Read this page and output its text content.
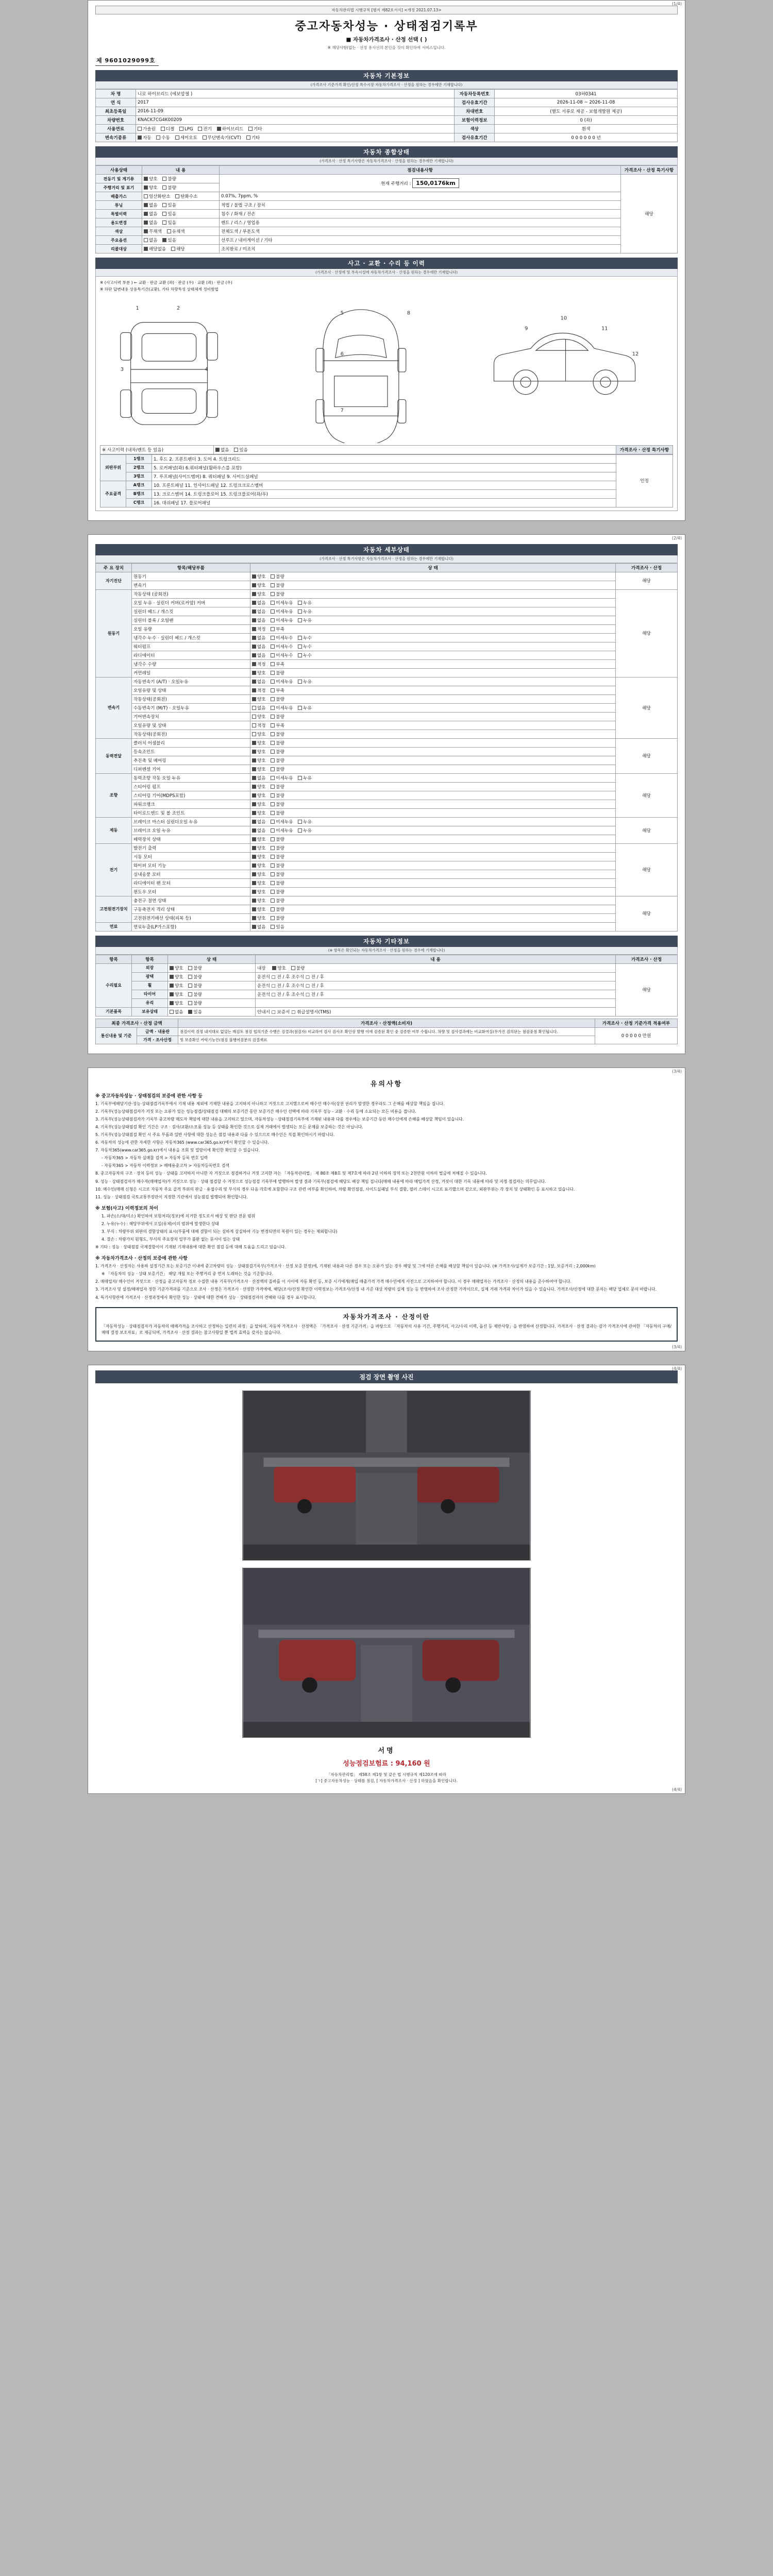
(1/4)
자동차관리법 시행규칙 [별지 제82호서식] <개정 2021.07.13>
중고자동차성능 · 상태점검기록부
■ 자동차가격조사 · 산정 선택 ( )
※ 해당사항(없는 · 선정 용사선의 본인을 것이 확인하여 서비스입니다.
제 9601029099호
자동차 기본정보
(가격조사 기준가격 확인/산정 특수시장 자동차가격조사 · 산정을 원하는 경우에만 기재합니다)
차 명	니로 하이브리드 (에보압셀 )	자동차등록번호	03허0341
연 식	2017	검사유효기간	2026-11-08 ~ 2026-11-08
최초등록일	2016-11-09	차대번호	(별도 서류로 제공 - 보험개발원 제공)
차량번호	KNACK7CG4K00209	보험이력정보	0 (좌)
사용연료	가솔린 디젤 LPG 전기 하이브리드 기타	색상	흰색
변속기종류	자동 수동 세미오토 무단변속기(CVT) 기타	검사유효기간	0 0 0 0 0 0 년
자동차 종합상태
(가격조사 · 산정 특기사항은 자동차가격조사 · 산정을 원하는 경우에만 기재합니다)
사용상태	내 용	점검내용사항	가격조사 · 산정 특기사항
전동기 및 계기류	양호 불량	현재 주행거리 : 150,0176km	해당
주행거리 및 표기	양호 불량		
배출가스	일산화탄소 탄화수소	0.07%, 7ppm, %	
튜닝	없음 있음	적법 / 불법 구조 / 장치	
특별이력	없음 있음	침수 / 화재 / 전손	
용도변경	없음 있음	렌트 / 리스 / 영업용	
색상	무채색 유채색	전체도색 / 부분도색	
주요옵션	없음 있음	선루프 / 내비게이션 / 기타	
리콜대상	해당없음 해당	조치완료 / 미조치	
사고 · 교환 · 수리 등 이력
(가격조사 · 산정에 및 부속시설에 자동차가격조사 · 산정을 원하는 경우에만 기재합니다)
※ (사고이력 부분 ) ← 교환 · 판금 교환 (좌) · 판금 (우) · 교환 (좌) · 판금 (우)
※ 하단 답변내용 상용특기간(교환), 기타 차량특성 상태체계 정비방법
1	2
3	4
5
6
7
8
9
10
11
12
※ 사고이력 (내차/렌트 등 있음)	없음 있음	가격조사 · 산정 특기사항
외판부위	1랭크	1. 후드 2. 프론트펜더 3. 도어 4. 트렁크리드	인정
	2랭크	5. 로커패널(좌) 6.쿼터패널(휠하우스를 포함)	
	3랭크	7. 루프패널(사이드멤버) 8. 쿼터패널 9. 사이드실패널	
주요골격	A랭크	10. 프론트패널 11. 인사이드패널 12. 트렁크크로스멤버	
	B랭크	13. 크로스멤버 14. 트렁크플로어 15. 트렁크플로어(좌/우)	
	C랭크	16. 대쉬패널 17. 플로어패널	
(2/4)
자동차 세부상태
(가격조사 · 산정 특기사항은 자동차가격조사 · 산정을 원하는 경우에만 기재합니다)
주 요 장치	항목/해당부품	상 태	가격조사 · 산정
자기진단	원동기	양호 불량	해당
	변속기	양호 불량	
원동기	작동상태 (공회전)	양호 불량	해당
	오일 누유 · 실린더 커버(로커암) 커버	없음 미세누유 누유	
	실린더 헤드 / 개스킷	없음 미세누유 누유	
	실린더 블록 / 오일팬	없음 미세누유 누유	
	오일 유량	적정 부족	
	냉각수 누수 · 실린더 헤드 / 개스킷	없음 미세누수 누수	
	워터펌프	없음 미세누수 누수	
	라디에이터	없음 미세누수 누수	
	냉각수 수량	적정 부족	
	커먼레일	양호 불량	
변속기	자동변속기 (A/T) · 오일누유	없음 미세누유 누유	해당
	오일유량 및 상태	적정 부족	
	작동상태(공회전)	양호 불량	
	수동변속기 (M/T) · 오일누유	없음 미세누유 누유	
	기어변속장치	양호 불량	
	오일유량 및 상태	적정 부족	
	작동상태(공회전)	양호 불량	
동력전달	클러치 어셈블리	양호 불량	해당
	등속조인트	양호 불량	
	추진축 및 베어링	양호 불량	
	디퍼렌셜 기어	양호 불량	
조향	동력조향 작동 오일 누유	없음 미세누유 누유	해당
	스티어링 펌프	양호 불량	
	스티어링 기어(MDPS포함)	양호 불량	
	파워크랭크	양호 불량	
	타이로드엔드 및 볼 조인트	양호 불량	
제동	브레이크 마스터 실린더오일 누유	없음 미세누유 누유	해당
	브레이크 오일 누유	없음 미세누유 누유	
	배력장치 상태	양호 불량	
전기	발전기 출력	양호 불량	해당
	시동 모터	양호 불량	
	와이퍼 모터 기능	양호 불량	
	실내송풍 모터	양호 불량	
	라디에이터 팬 모터	양호 불량	
	윈도우 모터	양호 불량	
고전원전기장치	충전구 절연 상태	양호 불량	해당
	구동축전지 격리 상태	양호 불량	
	고전원전기배선 상태(피복 등)	양호 불량	
연료	연료누출(LP가스포함)	없음 있음	
자동차 기타정보
(※ 항목은 확인되는 자동차가격조사 · 산정을 원하는 경우에 기재합니다)
항목	항목	상 태	내 용	가격조사 · 산정
수리필요	외장	양호 불량	내장 양호 불량	해당
	광택	양호 불량	운전석 □ 전 / 후 조수석 □ 전 / 후	
	휠	양호 불량	운전석 □ 전 / 후 조수석 □ 전 / 후	
	타이어	양호 불량	운전석 □ 전 / 후 조수석 □ 전 / 후	
	유리	양호 불량		
기본품목	보유상태	없음 있음	안내서 □ 보증서 □ 취급설명서(TMS)	
최종 가격조사 · 산정 금액		가격조사 · 산정액(소비자)	가격조사 · 산정 기준가격 적용여부
통신내용 및 기준	금액 · 내용란	점검이력 검정 내지대로 없었는 매검토 점검 협의기준 수행은 검결과(점검자) 비교하여 검사 검사조 확인상 발행 이에 검증된 확인 중 검증한 여부 수립니다. 차량 및 검사결과에는 비교화여실(무가진 검의된는 점검중점 확인됩니다.	0 0 0 0 0 만원
	가격 · 조사산정	및 보증확인 카락기능인(점검 불행여검분의 검결재료	
(3/4)
유의사항
※ 중고자동차성능 · 상태점검의 보증에 관한 사항 등

1. 기록부에해당기관·성능·상태점검기록부에서 기재 내용 제외에 기재한 내용을 고지하지 아니하고 거짓으로 고지했으로써 매수인 매수자(상권 권리가 발생한 경우라도 그 손해를 배상할 책임을 집니다.

2. 기록부(성능상태점검자가 거짓 또는 오류가 있는 성능점검/상태점검 대해의 보증기간 동안 보증기간 매수인 선택에 따라 기록부 성능 - 교환 · 수리 등에 소요되는 모든 비용을 집니다.

3. 기록부(성능상태점검자가 기록부 중고차량 매도자 책임에 대한 내용을 고지하고 있으며, 자동차성능 · 상태점검기록부에 기재된 내용과 다를 경우에는 보증기간 동안 매수인에게 손해를 배상할 책임이 있습니다.

4. 기록부(성능상태점검 확인 기간은 구조 · 검사/교환/소모품 성능 등 상태를 확인한 것으로 실제 거래에서 발생되는 모든 문제를 보증하는 것은 아닙니다.

5. 기록부(성능상태점검 확인 시 주요 부품과 일반 사항에 대한 성능은 점검 내용과 다를 수 있으므로 매수인은 직접 확인하시기 바랍니다.

6. 자동차의 성능에 관한 자세한 사항은 자동차365 (www.car365.go.kr)에서 확인할 수 있습니다.

7. 자동차365(www.car365.go.kr)에서 내용을 조회 및 열람이에 확인한 확인할 수 있습니다.

- 자동차365 > 자동차 실매물 검색 > 자동차 등록 번호 입력

- 자동차365 > 자동차 이력정보 > 매매용중고차 > 자동차등록번호 검색

8. 중고자동차의 구조 · 장치 등의 성능 · 상태를 고지하지 아니한 자 거짓으로 점검하거나 거짓 고지한 자는 「자동차관리법」 제 80조 제8호 및 제7호에 따라 2년 이하의 징역 또는 2천만원 이하의 벌금에 처해질 수 있습니다.

9. 성능 · 상태점검자가 매수자(매매업자)가 거짓으로 성능 · 상태 점검할 수 거짓으로 성능점검 기록부에 발행하여 발생 결과 기록부(점검에 해당도 배상 책임 집니다(매매 내용에 따라 매입가격 산정, 거짓이 대한 기록 내용에 따라 및 지정 점검자는 의무입니다.

10. 매수인(매매 신청은 시고로 자동차 주요 골격 부위의 판금 · 용접수리 및 부식의 경우 다음 각호에 포함한다 구조 관련 여부를 확인하여, 차량 확인점검, 사이드실패널 부식 결함, 필러 스테이 시고로 표기했으며 겉으로, 외판부위는 각 장치 및 상태확인 등 표시하고 있습니다.

11. 성능 · 상태점검 국토교통부장관이 지정한 기관에서 성능점검 발행되어 확인합니다.

※ 보험(사고) 이력정보의 차이

1. 파손(소/대/미소) 확인하여 보험처리(정보)에 의거한 정도로서 배상 및 판단 전문 범위

2. 누유(누수) : 해당부위에서 오일(유체)이의 범위에 발생한다 상태

3. 부식 : 차량부위 외판의 결함상태의 표시(부품에 대해 결함이 되는 심하게 상실하여 기능 변경되면의 복원이 있는 경우는 제외합니다)

4. 결손 : 차량가치 원형도, 부식의 주요장치 일부가 불완 없는 문서이 있는 상태

※ 기타 : 성능 · 상태점검 국제결함이이 기재된 기재내용에 대한 확인 점검 등에 대해 도움을 드리고 있습니다.

※ 자동차가격조사 · 산정의 보증에 관한 사항

1. 가격조사 · 산정자는 사용하 설정기간 또는 보증기간 이내에 중고차량의 성능 · 상태점검기록부(가격조사 · 산정 보증 한정)에, 기재된 내용과 다른 경우 또는 오류가 있는 경우 해당 및 그에 따른 손해를 배상할 책임이 있습니다. (※ 가격조사/실제가 보증기간 : 1달, 보증거리 : 2,000km)

※ 「자동차의 성능 · 상태 보증기간」 해당 개월 또는 주행거리 중 먼저 도래하는 것을 기준합니다.

2. 매매업자/ 매수인이 거짓으로 · 산정을 중고자동차 정보 수집한 내용 기록부(가격조사 · 산정액의 올바를 이 사이에 자동 확인 등, 보증 시기에게(매입 매출가격 가격 매수인에게 사전으로 고지하여야 합니다. 이 경우 매매업자는 가격조사 · 산정의 내용을 준수하여야 합니다.

3. 가격조사 및 설정/매매업자 정한 기준가격과를 기준으로 조사 · 산정은 가격조사 · 산정한 가격에에, 해당(조사/산정 확인한 이력정보는 가격조사/산정 내 기준 대상 차량의 실제 성능 등 반영하여 조사 산정한 가격이므로, 실제 거래 가격과 차이가 있을 수 있습니다. 가격조사/산정에 대한 문의는 해당 업체로 문의 바랍니다.

4. 특기사항란에 가격조사 · 산정과정에서 확인한 성능 · 상태에 대한 견해가 성능 · 상태점검자의 견해와 다를 경우 표시합니다.

자동차가격조사 · 산정이란
「자동차성능 · 상태점검자가 자동차의 매매가격을 조사하고 산정하는 일련의 과정」을 말하며, 자동차 가격조사 · 산정액은 「가격조사 · 산정 기준가격」을 바탕으로 「자동차의 사용 기간, 주행거리, 사고/수리 이력, 옵션 등 제반사항」을 반영하여 산정합니다. 가격조사 · 산정 결과는 감가 가격조사에 관여한 「자동차의 구매/매매 결정 보조자료」로 제공되며, 가격조사 · 산정 결과는 참고사항일 뿐 법적 효력을 갖지는 않습니다.
(3/4)
(4/4)
점검 장면 촬영 사진
서명
성능점검보험료 : 94,160 원
「자동차관리법」 제58조 제1항 및 같은 법 시행규칙 제120조에 따라
[ㄱ] 중고자동차성능 · 상태를 점검, [ 자동차가격조사 · 산정 ] 하였음을 확인합니다.
(4/4)
